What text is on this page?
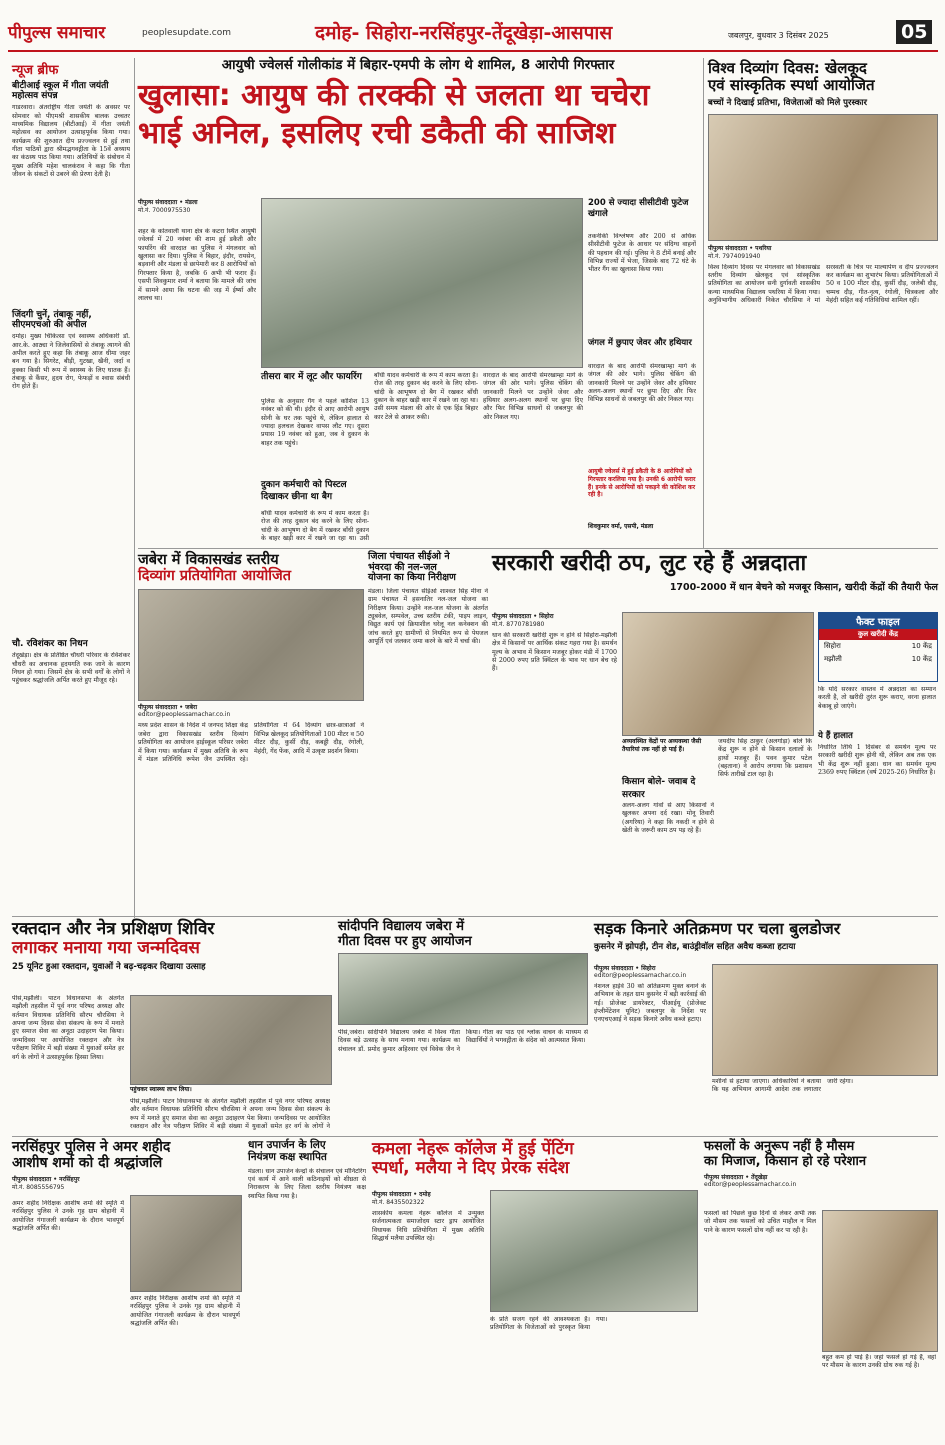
पीपुल्स समाचार	peoplesupdate.com	दमोह- सिहोरा-नरसिंहपुर-तेंदूखेड़ा-आसपास	जबलपुर, बुधवार 3 दिसंबर 2025	05
न्यूज ब्रीफ
बीटीआई स्कूल में गीता जयंती महोत्सव संपन्न
गाडरवारा। अंतर्राष्ट्रीय गीता जयंती के अवसर पर सोमवार को पीएमश्री शासकीय बालक उच्चतर माध्यमिक विद्यालय (बीटीआई) में गीता जयंती महोत्सव का आयोजन उत्साहपूर्वक किया गया। कार्यक्रम की शुरुआत दीप प्रज्ज्वलन से हुई तथा गीता पाठियों द्वारा श्रीमद्भगवद्गीता के 15वें अध्याय का कंठस्थ पाठ किया गया। अतिथियों के संबोधन में मुख्य अतिथि महेश चालकंराव ने कहा कि गीता जीवन के संकटों से उबरने की प्रेरणा देती है।
जिंदगी चुनें, तंबाकू नहीं, सीएमएचओ की अपील
दमोह। मुख्य चिकित्सा एवं स्वास्थ्य अधिकारी डॉ. आर.के. आठ्या ने जिलेवासियों से तंबाकू त्यागने की अपील करते हुए कहा कि तंबाकू आज धीमा जहर बन गया है। सिगरेट, बीड़ी, गुटखा, खैनी, जर्दा व हुक्का किसी भी रूप में स्वास्थ्य के लिए घातक हैं। तंबाकू से कैंसर, हृदय रोग, फेफड़ों व श्वास संबंधी रोग होते हैं।
चौ. रविशंकर का निधन
तेंदूखेड़ा। क्षेत्र के प्रतिष्ठित चौधरी परिवार के रविशंकर चौधरी का अचानक हृदयगति रुक जाने के कारण निधन हो गया। जिसमें क्षेत्र के सभी वर्गों के लोगों ने पहुंचकर श्रद्धांजलि अर्पित करते हुए मौजूद रहे।
आयुषी ज्वेलर्स गोलीकांड में बिहार-एमपी के लोग थे शामिल, 8 आरोपी गिरफ्तार
खुलासा: आयुष की तरक्की से जलता था चचेरा
भाई अनिल, इसलिए रची डकैती की साजिश
पीपुल्स संवाददाता • मंडला
मो.नं. 7000975530
शहर के कोतवाली थाना क्षेत्र के कटरा स्थित आयुषी ज्वेलर्स में 20 नवंबर की शाम हुई डकैती और फायरिंग की वारदात का पुलिस ने मंगलवार को खुलासा कर दिया। पुलिस ने बिहार, इंदौर, रायसेन, बड़वानी और मंडला से छापेमारी कर 8 आरोपियों को गिरफ्तार किया है, जबकि 6 अभी भी फरार हैं। एसपी शिवकुमार शर्मा ने बताया कि मामले की जांच में सामने आया कि घटना की जड़ में ईर्ष्या और लालच था।
तीसरा बार में लूट और फायरिंग
पुलिस के अनुसार गैंग ने पहले कोशिश 13 नवंबर को की थी। इंदौर से आए आरोपी आयुष सोनी के घर तक पहुंचे थे, लेकिन हालात से ज्यादा हलचल देखकर वापस लौट गए। दूसरा प्रयास 19 नवंबर को हुआ, जब वे दुकान के बाहर तक पहुंचे।
दुकान कर्मचारी को पिस्टल दिखाकर छीना था बैग
बाँधी यादव कर्मचारी के रूप में काम करता है। रोज की तरह दुकान बंद करने के लिए सोना-चांदी के आभूषण दो बैग में रखकर बाँधी दुकान के बाहर खड़ी कार में रखने जा रहा था। उसी
बाँधी यादव कर्मचारी के रूप में काम करता है। रोज की तरह दुकान बंद करने के लिए सोना-चांदी के आभूषण दो बैग में रखकर बाँधी दुकान के बाहर खड़ी कार में रखने जा रहा था। उसी समय मंडला की ओर से एक हिंड बिहार कार टेले से आकर रुकी।
वारदात के बाद आरोपी सेमरखाम्हा मार्ग के जंगल की ओर भागे। पुलिस चेकिंग की जानकारी मिलने पर उन्होंने जेवर और हथियार अलग-अलग स्थानों पर छुपा दिए और फिर विभिन्न साधनों से जबलपुर की ओर निकल गए।
200 से ज्यादा सीसीटीवी फुटेज खंगाले
तकनीकी विश्लेषण और 200 से अधिक सीसीटीवी फुटेज के आधार पर संदिग्ध वाहनों की पहचान की गई। पुलिस ने 8 टीमें बनाई और विभिन्न राज्यों में भेजा, जिसके बाद 72 घंटे के भीतर गैंग का खुलासा किया गया।
जंगल में छुपाए जेवर और हथियार
वारदात के बाद आरोपी सेमरखाम्हा मार्ग के जंगल की ओर भागे। पुलिस चेकिंग की जानकारी मिलने पर उन्होंने जेवर और हथियार अलग-अलग स्थानों पर छुपा दिए और फिर विभिन्न साधनों से जबलपुर की ओर निकल गए।
आयुषी ज्वेलर्स में हुई डकैती के 8 आरोपियों को गिरफ्तार करलिया गया है। उनकी 6 आरोपी फरार हैं। इनके से आरोपियों को पकड़ने की कोशिश कर रही है।
शिवकुमार वर्मा, एसपी, मंडला
विश्व दिव्यांग दिवस: खेलकूद
एवं सांस्कृतिक स्पर्धा आयोजित
बच्चों ने दिखाई प्रतिभा, विजेताओं को मिले पुरस्कार
पीपुल्स संवाददाता • पथरिया
मो.नं. 7974091940
विश्व दिव्यांग दिवस पर मंगलवार को विकासखंड स्तरीय दिव्यांग खेलकूद एवं सांस्कृतिक प्रतियोगिता का आयोजन सनी दुर्गावती शासकीय कन्या माध्यमिक विद्यालय पथरिया में किया गया। अनुविभागीय अधिकारी निकेत चौरसिया ने मां सरस्वती के चित्र पर माल्यार्पण व दीप प्रज्ज्वलन कर कार्यक्रम का शुभारंभ किया। प्रतियोगिताओं में 50 व 100 मीटर दौड़, कुर्सी दौड़, जलेबी दौड़, चम्मच दौड़, गीत-नृत्य, रंगोली, चित्रकला और मेहंदी सहित कई गतिविधियां शामिल रहीं।
जबेरा में विकासखंड स्तरीय
दिव्यांग प्रतियोगिता आयोजित
पीपुल्स संवाददाता • जबेरा
editor@peoplessamachar.co.in
मध्य प्रदेश शासन के निर्देश में जनपद शिक्षा केंद्र जबेरा द्वारा विकासखंड स्तरीय दिव्यांग प्रतियोगिता का आयोजन हाईस्कूल परिसर जबेरा में किया गया। कार्यक्रम में मुख्य अतिथि के रूप में मंडल प्रतिनिधि रूपेश जैन उपस्थित रहे। प्रतियोगिता में 64 दिव्यांग छात्र-छात्राओं ने विभिन्न खेलकूद प्रतियोगिताओं 100 मीटर व 50 मीटर दौड़, कुर्सी दौड़, कबड्डी दौड़, रंगोली, मेहंदी, गेंद फेंक, आदि में उत्कृष्ट प्रदर्शन किया।
जिला पंचायत सीईओ ने
भंवरदा की नल-जल
योजना का किया निरीक्षण
मंडला। जिला पंचायत सीईओ शाश्वत सिंह मीना ने ग्राम पंचायत में हसनातिर नल-जल योजना का निरीक्षण किया। उन्होंने नल-जल योजना के अंतर्गत ट्यूबवेल, सम्पवेल, उच्च स्तरीय टंकी, पाइप लाइन, विद्युत कार्य एवं क्रियाशील घरेलू नल कनेक्शन की जांच करते हुए ग्रामीणों से नियमित रूप से पेयजल आपूर्ति एवं जलकर जमा करने के बारे में चर्चा की।
सरकारी खरीदी ठप, लुट रहे हैं अन्नदाता
1700-2000 में धान बेचने को मजबूर किसान, खरीदी केंद्रों की तैयारी फेल
पीपुल्स संवाददाता • सिहोरा
मो.नं. 8770781980
धान की सरकारी खरीदी शुरू न होने से सिहोरा-मझौली क्षेत्र में किसानों पर आर्थिक संकट गहरा गया है। समर्थन मूल्य के अभाव में किसान मजबूर होकर मंडी में 1700 से 2000 रुपए प्रति क्विंटल के भाव पर धान बेच रहे हैं।
अव्यवस्थित केंद्रों पर अव्यवस्था जैसी तैयारियां तक नहीं हो पाई हैं।
किसान बोले- जवाब दे सरकार
अलग-अलग गांवों से आए किसानों ने खुलकर अपना दर्द रखा। मोनू तिवारी (अगरिया) ने कहा कि नकदी न होने से खेती के जरूरी काम ठप पड़ रहे हैं।
जयदीप सिंह ठाकुर (अलगोड़ा) बोले कि केंद्र शुरू न होने से किसान दलालों के हाथों मजबूर हैं। पवन कुमार पटेल (बहताना) ने आरोप लगाया कि प्रशासन सिर्फ तारीखें टाल रहा है।
फैक्ट फाइल
कुल खरीदी केंद्र
सिहोरा	10 केंद्र
मझौली	10 केंद्र
कि यदि सरकार वास्तव में अन्नदाता का सम्मान करती है, तो खरीदी तुरंत शुरू कराए, वरना हालात बेकाबू हो जाएंगे।
ये हैं हालात
निर्धारित तिथि 1 दिसंबर से समर्थन मूल्य पर सरकारी खरीदी शुरू होनी थी, लेकिन अब तक एक भी केंद्र शुरू नहीं हुआ। धान का समर्थन मूल्य 2369 रुपए क्विंटल (वर्ष 2025-26) निर्धारित है।
रक्तदान और नेत्र प्रशिक्षण शिविर
लगाकर मनाया गया जन्मदिवस
25 यूनिट हुआ रक्तदान, युवाओं ने बढ़-चढ़कर दिखाया उत्साह
पीसं,मझौली। पाटन विधानसभा के अंतर्गत मझौली तहसील में पूर्व नगर परिषद अध्यक्ष और वर्तमान विधायक प्रतिनिधि सौरभ चौरसिया ने अपना जन्म दिवस सेवा संकल्प के रूप में मनाते हुए समाज सेवा का अनूठा उदाहरण पेश किया। जन्मदिवस पर आयोजित रक्तदान और नेत्र परीक्षण शिविर में बड़ी संख्या में युवाओं समेत हर वर्ग के लोगों ने उत्साहपूर्वक हिस्सा लिया।
पहुंचकर स्वास्थ्य लाभ लिया।
पीसं,मझौली। पाटन विधानसभा के अंतर्गत मझौली तहसील में पूर्व नगर परिषद अध्यक्ष और वर्तमान विधायक प्रतिनिधि सौरभ चौरसिया ने अपना जन्म दिवस सेवा संकल्प के रूप में मनाते हुए समाज सेवा का अनूठा उदाहरण पेश किया। जन्मदिवस पर आयोजित रक्तदान और नेत्र परीक्षण शिविर में बड़ी संख्या में युवाओं समेत हर वर्ग के लोगों ने
सांदीपनि विद्यालय जबेरा में
गीता दिवस पर हुए आयोजन
पीसं,जबेरा। सांदीपनि विद्यालय जबेरा में विश्व गीता दिवस बड़े उत्साह के साथ मनाया गया। कार्यक्रम का संचालन डॉ. प्रमोद कुमार अहिरवार एवं विवेक जैन ने किया। गीता का पाठ एवं श्लोक वाचन के माध्यम से विद्यार्थियों ने भगवद्गीता के संदेश को आत्मसात किया।
सड़क किनारे अतिक्रमण पर चला बुलडोजर
कुसनेर में झोपड़ी, टीन शेड, बाउंड्रीवॉल सहित अवैध कब्जा हटाया
पीपुल्स संवाददाता • सिहोरा
editor@peoplessamachar.co.in
नेशनल हाईवे 30 को अतिक्रमण मुक्त बनाने के अभियान के तहत ग्राम कुसनेर में बड़ी कार्रवाई की गई। प्रोजेक्ट डायरेक्टर, पीआईयू (प्रोजेक्ट इंप्लीमेंटेशन यूनिट) जबलपुर के निर्देश पर एनएचएआई ने सड़क किनारे अवैध कब्जे हटाए।
मशीनों से हटाया जाएगा। अधिकारियों ने बताया कि यह अभियान आगामी आदेश तक लगातार जारी रहेगा।
नरसिंहपुर पुलिस ने अमर शहीद
आशीष शर्मा को दी श्रद्धांजलि
पीपुल्स संवाददाता • नरसिंहपुर
मो.नं. 8085556795
अमर शहीद निरीक्षक आशीष शर्मा की स्मृति में नरसिंहपुर पुलिस ने उनके गृह ग्राम बोहानी में आयोजित गंगाजली कार्यक्रम के दौरान भावपूर्ण श्रद्धांजलि अर्पित की।
अमर शहीद निरीक्षक आशीष शर्मा की स्मृति में नरसिंहपुर पुलिस ने उनके गृह ग्राम बोहानी में आयोजित गंगाजली कार्यक्रम के दौरान भावपूर्ण श्रद्धांजलि अर्पित की।
धान उपार्जन के लिए
नियंत्रण कक्ष स्थापित
मंडला। धान उपार्जन केन्द्रों के संचालन एवं मॉनिटरिंग एवं कार्य में आने वाली कठिनाइयों को शीघ्रता से निराकरण के लिए जिला स्तरीय नियंत्रण कक्ष स्थापित किया गया है।
कमला नेहरू कॉलेज में हुई पेंटिंग
स्पर्धा, मलैया ने दिए प्रेरक संदेश
पीपुल्स संवाददाता • दमोह
मो.नं. 8435502322
शासकीय कमला नेहरू कॉलेज में उन्मुक्त सर्जनात्मकता समाजोदय स्टार ड्राप आयोजित विधायक निधि प्रतियोगिता में मुख्य अतिथि सिद्धार्थ मलैया उपस्थित रहे।
के प्रति सजग रहने की आवश्यकता है। प्रतियोगिता के विजेताओं को पुरस्कृत किया गया।
फसलों के अनुरूप नहीं है मौसम
का मिजाज, किसान हो रहे परेशान
पीपुल्स संवाददाता • तेंदूखेड़ा
editor@peoplessamachar.co.in
फसलों को पिछले कुछ दिनों से लेकर अभी तक जो मौसम तक फसलों को उचित माहौल न मिल पाने के कारण फसलों ग्रोथ नहीं कर पा रही है।
बहुत कम हो पाई है। जहां फसलें हो गई हैं, वहां पर मौसम के कारण उनकी ग्रोथ रुक गई है।
